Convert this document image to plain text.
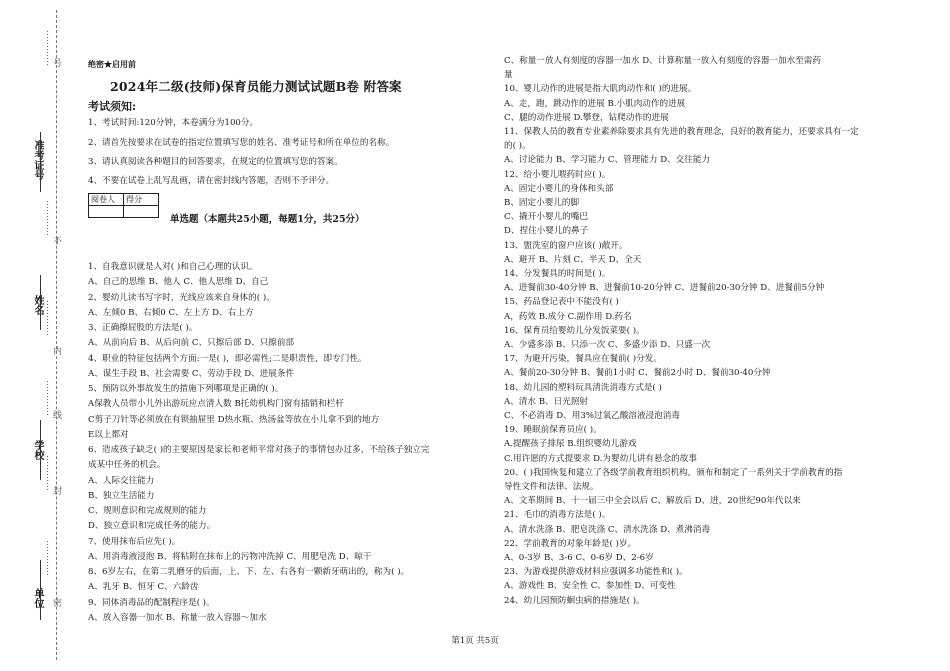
准考证号
姓名
学校
单位
号
不
内
线
封
密
…………
…………
…………
…………
…………
…………
绝密★启用前
2024年二级(技师)保育员能力测试试题B卷 附答案
考试须知:
1、考试时间:120分钟，本卷满分为100分。
2、请首先按要求在试卷的指定位置填写您的姓名、准考证号和所在单位的名称。
3、请认真阅读各种题目的回答要求，在规定的位置填写您的答案。
4、不要在试卷上乱写乱画，请在密封线内答题，否则不予评分。
阅卷人	得分

单选题（本题共25小题，每题1分，共25分）
1、自我意识就是人对( )和自己心理的认识。
A、自己的思维 B、他人 C、他人思维 D、自己
2、婴幼儿读书写字时，光线应该来自身体的( )。
A、左倾0 B、右倾0 C、左上方 D、右上方
3、正确擦屁股的方法是( )。
A、从前向后 B、从后向前 C、只擦后部 D、只擦前部
4、职业的特征包括两个方面:一是( )，即必需性;二是职责性，即专门性。
A、谋生手段 B、社会需要 C、劳动手段 D、进展条件
5、预防以外事故发生的措施下列哪项是正确的( )。
A保教人员带小儿外出游玩应点清人数 B托幼机构门窗有插销和栏杆
C剪子刀针等必须放在有锁抽屉里 D热水瓶、热汤盆等放在小儿拿不到的地方
E以上都对
6、造成孩子缺乏( )的主要原因是家长和老师平常对孩子的事情包办过多，不给孩子独立完
成某中任务的机会。
A、人际交往能力
B、独立生活能力
C、规则意识和完成规则的能力
D、独立意识和完成任务的能力。
7、使用抹布后应先( )。
A、用消毒液浸泡 B、将粘附在抹布上的污物冲洗掉 C、用肥皂洗 D、晾干
8、6岁左右，在第二乳磨牙的后面，上、下、左、右各有一颗新牙萌出的，称为( )。
A、乳牙 B、恒牙 C、六龄齿
9、同体消毒品的配制程序是( )。
A、放入容器一加水 B、称量一放入容器～加水
C、称量一放人有刻度的容器一加水 D、计算称量一放入有刻度的容器一加水至需药
量
10、婴儿动作的进展是指大肌肉动作和( )的进展。
A、走，跑，跳动作的进展 B.小肌肉动作的进展
C、腿的动作进展 D.攀登，钻爬动作的进展
11、保教人员的教育专业素养除要求具有先进的教育理念，良好的教育能力，还要求具有一定
的( )。
A、讨论能力 B、学习能力 C、管理能力 D、交往能力
12、给小婴儿喂药时应( )。
A、固定小婴儿的身体和头部
B、固定小婴儿的脚
C、撬开小婴儿的嘴巴
D、捏住小婴儿的鼻子
13、盥洗室的窗户应该( )敞开。
A、避开 B、片刻 C、半天 D、全天
14、分发餐具的时间是( )。
A、进餐前30-40分钟 B、进餐前10-20分钟 C、进餐前20-30分钟 D、进餐前5分钟
15、药品登记表中不能没有( )
A，药效 B.成分 C.副作用 D.药名
16、保育员给婴幼儿分发饭菜要( )。
A、少盛多添 B、只添一次 C、多盛少添 D、只盛一次
17、为避开污染，餐具应在餐前( )分发。
A、餐前20-30分钟 B、餐前1小时 C、餐前2小时 D、餐前30-40分钟
18、幼儿园的塑料玩具清洗消毒方式是( )
A、清水 B、日光照射
C、不必消毒 D、用3%过氧乙酸溶液浸泡消毒
19、睡眠前保育员应( )。
A.提醒孩子排尿 B.组织婴幼儿游戏
C.用许愿的方式提要求 D.为婴幼儿讲有悬念的故事
20、( )我国恢复和建立了各级学前教育组织机构，颁布和制定了一系列关于学前教育的指
导性文件和法律、法规。
A、文革期间 B、十一届三中全会以后 C、解放后 D、进，20世纪90年代以来
21、毛巾的消毒方法是( )。
A、清水洗涤 B、肥皂洗涤 C、清水洗涤 D、煮沸消毒
22、学前教育的对象年龄是( )岁。
A、0-3岁 B、3-6 C、0-6岁 D、2-6岁
23、为游戏提供游戏材料应强调多功能性和( )。
A、游戏性 B、安全性 C、参加性 D、可变性
24、幼儿园预防蛔虫病的措施是( )。
第1页 共5页
